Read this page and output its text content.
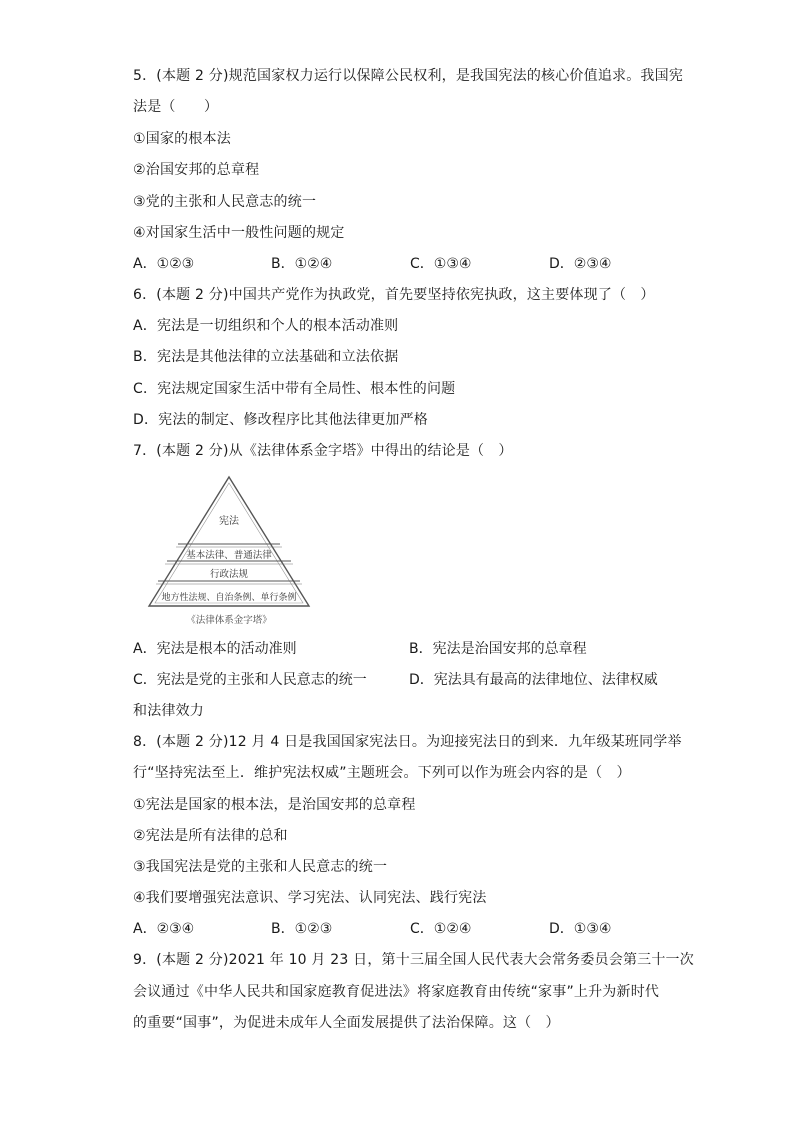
5．(本题 2 分)规范国家权力运行以保障公民权利，是我国宪法的核心价值追求。我国宪
法是（　　）
①国家的根本法
②治国安邦的总章程
③党的主张和人民意志的统一
④对国家生活中一般性问题的规定
A．①②③	B．①②④	C．①③④	D．②③④
6．(本题 2 分)中国共产党作为执政党，首先要坚持依宪执政，这主要体现了（　）
A．宪法是一切组织和个人的根本活动准则
B．宪法是其他法律的立法基础和立法依据
C．宪法规定国家生活中带有全局性、根本性的问题
D．宪法的制定、修改程序比其他法律更加严格
7．(本题 2 分)从《法律体系金字塔》中得出的结论是（　）
宪法
基本法律、普通法律
行政法规
地方性法规、自治条例、单行条例
《法律体系金字塔》
A．宪法是根本的活动准则	B．宪法是治国安邦的总章程
C．宪法是党的主张和人民意志的统一	D．宪法具有最高的法律地位、法律权威
和法律效力
8．(本题 2 分)12 月 4 日是我国国家宪法日。为迎接宪法日的到来．九年级某班同学举
行“坚持宪法至上．维护宪法权威”主题班会。下列可以作为班会内容的是（　）
①宪法是国家的根本法，是治国安邦的总章程
②宪法是所有法律的总和
③我国宪法是党的主张和人民意志的统一
④我们要增强宪法意识、学习宪法、认同宪法、践行宪法
A．②③④	B．①②③	C．①②④	D．①③④
9．(本题 2 分)2021 年 10 月 23 日，第十三届全国人民代表大会常务委员会第三十一次
会议通过《中华人民共和国家庭教育促进法》将家庭教育由传统“家事”上升为新时代
的重要“国事”，为促进未成年人全面发展提供了法治保障。这（　）
